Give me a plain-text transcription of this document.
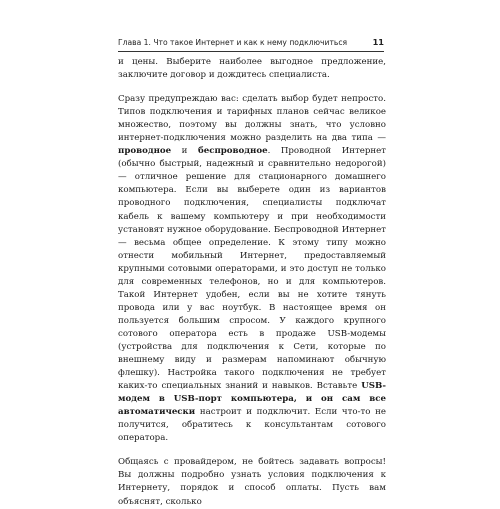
Глава 1. Что такое Интернет и как к нему подключиться	11

и цены. Выберите наиболее выгодное предложение, заключите договор и дождитесь специалиста.

Сразу предупреждаю вас: сделать выбор будет непросто. Типов подключения и тарифных планов сейчас великое множество, поэтому вы должны знать, что условно интернет-подключения можно разделить на два типа — проводное и беспроводное. Проводной Интернет (обычно быстрый, надежный и сравнительно недорогой) — отличное решение для стационарного домашнего компьютера. Если вы выберете один из вариантов проводного подключения, специалисты подключат кабель к вашему компьютеру и при необходимости установят нужное оборудование. Беспроводной Интернет — весьма общее определение. К этому типу можно отнести мобильный Интернет, предоставляемый крупными сотовыми операторами, и это доступ не только для современных телефонов, но и для компьютеров. Такой Интернет удобен, если вы не хотите тянуть провода или у вас ноутбук. В настоящее время он пользуется большим спросом. У каждого крупного сотового оператора есть в продаже USB-модемы (устройства для подключения к Сети, которые по внешнему виду и размерам напоминают обычную флешку). Настройка такого подключения не требует каких-то специальных знаний и навыков. Вставьте USB-модем в USB-порт компьютера, и он сам все автоматически настроит и подключит. Если что-то не получится, обратитесь к консультантам сотового оператора.

Общаясь с провайдером, не бойтесь задавать вопросы! Вы должны подробно узнать условия подключения к Интернету, порядок и способ оплаты. Пусть вам объяснят, сколько
